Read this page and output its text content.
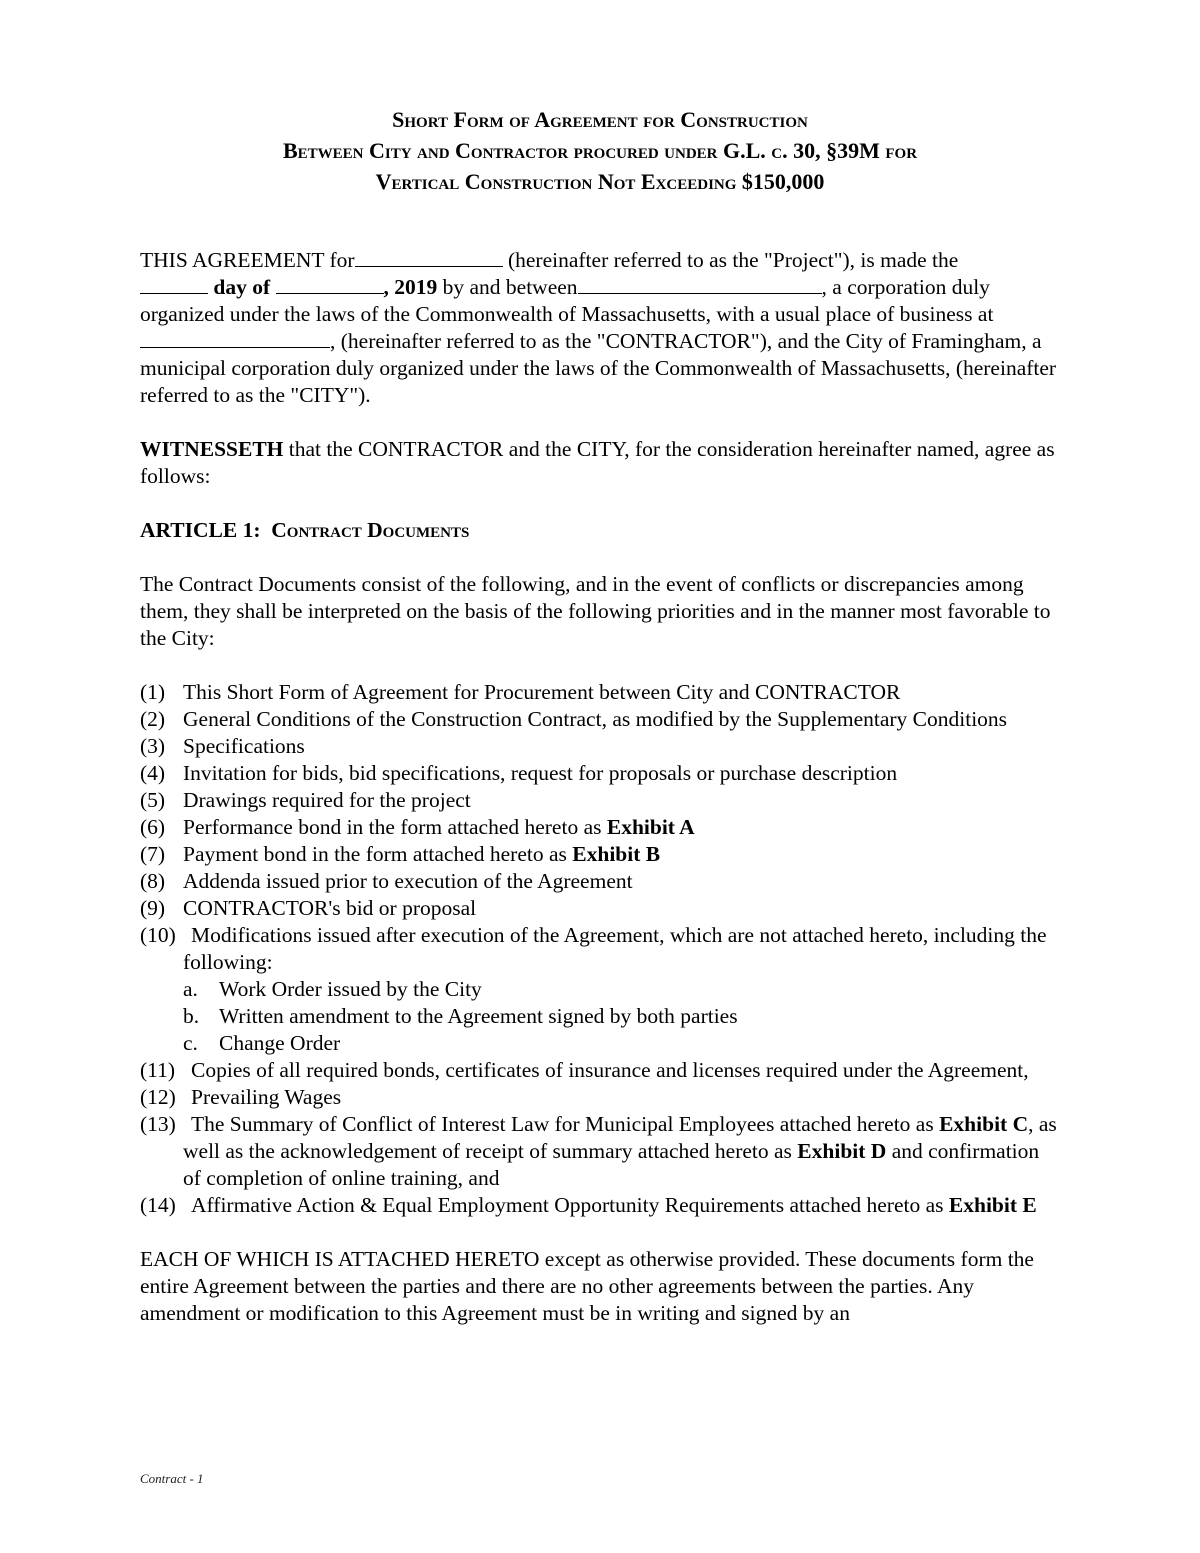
Short Form of Agreement for Construction
Between City and Contractor procured under G.L. c. 30, §39M for
Vertical Construction Not Exceeding $150,000

THIS AGREEMENT for	(hereinafter referred to as the "Project"), is made the
day of	, 2019 by and between	, a corporation duly organized under the laws of the Commonwealth of Massachusetts, with a usual place of business at, (hereinafter referred to as the "CONTRACTOR"), and the City of Framingham, a municipal corporation duly organized under the laws of the Commonwealth of Massachusetts, (hereinafter referred to as the "CITY").

WITNESSETH that the CONTRACTOR and the CITY, for the consideration hereinafter named, agree as follows:

ARTICLE 1: Contract Documents

The Contract Documents consist of the following, and in the event of conflicts or discrepancies among them, they shall be interpreted on the basis of the following priorities and in the manner most favorable to the City:

(1) This Short Form of Agreement for Procurement between City and CONTRACTOR
(2) General Conditions of the Construction Contract, as modified by the Supplementary Conditions
(3) Specifications
(4) Invitation for bids, bid specifications, request for proposals or purchase description
(5) Drawings required for the project
(6) Performance bond in the form attached hereto as Exhibit A
(7) Payment bond in the form attached hereto as Exhibit B
(8) Addenda issued prior to execution of the Agreement
(9) CONTRACTOR's bid or proposal
(10) Modifications issued after execution of the Agreement, which are not attached hereto, including the following:
a. Work Order issued by the City
b. Written amendment to the Agreement signed by both parties
c. Change Order
(11) Copies of all required bonds, certificates of insurance and licenses required under the Agreement,
(12) Prevailing Wages
(13) The Summary of Conflict of Interest Law for Municipal Employees attached hereto as Exhibit C, as well as the acknowledgement of receipt of summary attached hereto as Exhibit D and confirmation of completion of online training, and
(14) Affirmative Action & Equal Employment Opportunity Requirements attached hereto as Exhibit E

EACH OF WHICH IS ATTACHED HERETO except as otherwise provided. These documents form the entire Agreement between the parties and there are no other agreements between the parties. Any amendment or modification to this Agreement must be in writing and signed by an

Contract - 1
